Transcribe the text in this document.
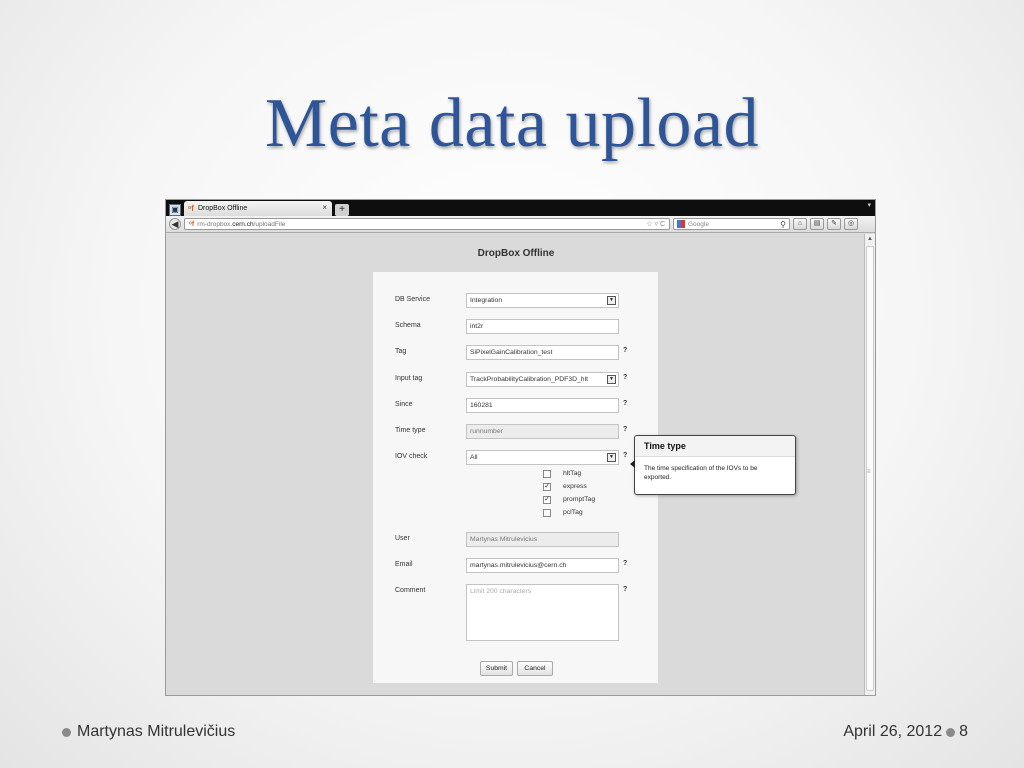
Meta data upload
▣ ᵒf DropBox Offline	×	+	▾
◀	ᵒf rm-dropbox.cern.ch/uploadFile	☆ ▿ C	Google	⚲	⌂	▤	✎	◎
DropBox Offline
DB Service	Integration	▼
Schema	int2r
Tag	SiPixelGainCalibration_test	?
Input tag	TrackProbabilityCalibration_PDF3D_hlt	▼ ?
Since	160281	?
Time type	runnumber	?
IOV check	All	▼ ?
hltTag
✓ express
✓ promptTag
pclTag
User	Martynas Mitrulevicius
Email	martynas.mitrulevicius@cern.ch	?
Comment	Limit 200 characters	?
Submit	Cancel
Time type
The time specification of the IOVs to be exported.
▲
≡
Martynas Mitrulevičius	April 26, 2012 8
